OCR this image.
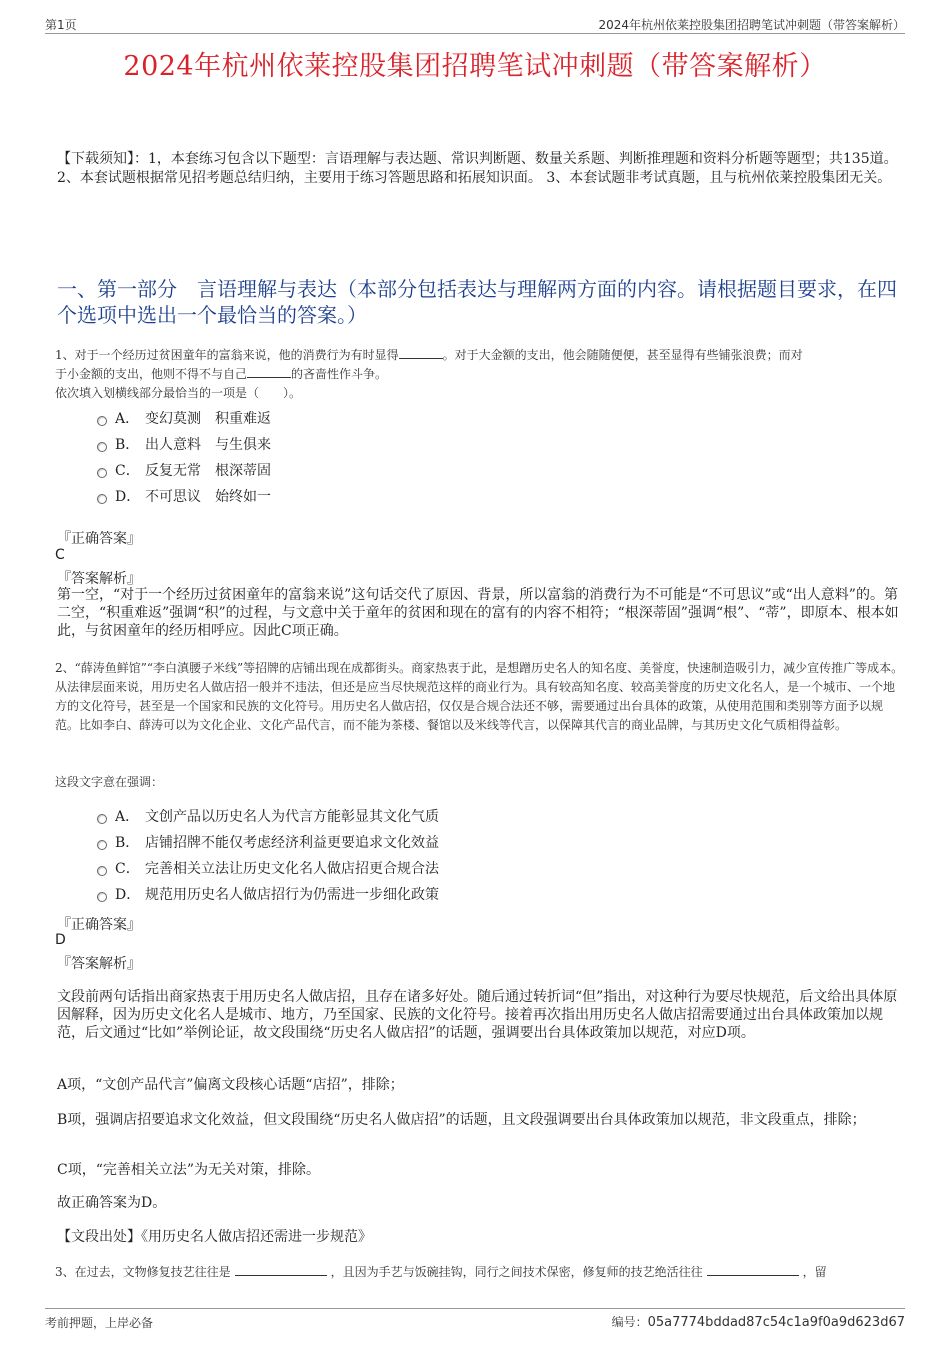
第1页	2024年杭州依莱控股集团招聘笔试冲刺题（带答案解析）
2024年杭州依莱控股集团招聘笔试冲刺题（带答案解析）
【下载须知】：1，本套练习包含以下题型：言语理解与表达题、常识判断题、数量关系题、判断推理题和资料分析题等题型；共135道。 2、本套试题根据常见招考题总结归纳，主要用于练习答题思路和拓展知识面。 3、本套试题非考试真题，且与杭州依莱控股集团无关。
一、第一部分　言语理解与表达（本部分包括表达与理解两方面的内容。请根据题目要求，在四个选项中选出一个最恰当的答案。）
1、对于一个经历过贫困童年的富翁来说，他的消费行为有时显得	。对于大金额的支出，他会随随便便，甚至显得有些铺张浪费；而对
于小金额的支出，他则不得不与自己	的吝啬性作斗争。
依次填入划横线部分最恰当的一项是（　　）。
A． 变幻莫测　积重难返
B． 出人意料　与生俱来
C． 反复无常　根深蒂固
D． 不可思议　始终如一
『正确答案』
C
『答案解析』
第一空，“对于一个经历过贫困童年的富翁来说”这句话交代了原因、背景，所以富翁的消费行为不可能是“不可思议”或“出人意料”的。第二空，“积重难返”强调“积”的过程，与文意中关于童年的贫困和现在的富有的内容不相符；“根深蒂固”强调“根”、“蒂”，即原本、根本如此，与贫困童年的经历相呼应。因此C项正确。
2、“薛涛鱼鲜馆”“李白滇腰子米线”等招牌的店铺出现在成都街头。商家热衷于此，是想蹭历史名人的知名度、美誉度，快速制造吸引力，减少宣传推广等成本。从法律层面来说，用历史名人做店招一般并不违法，但还是应当尽快规范这样的商业行为。具有较高知名度、较高美誉度的历史文化名人，是一个城市、一个地方的文化符号，甚至是一个国家和民族的文化符号。用历史名人做店招，仅仅是合规合法还不够，需要通过出台具体的政策，从使用范围和类别等方面予以规范。比如李白、薛涛可以为文化企业、文化产品代言，而不能为茶楼、餐馆以及米线等代言，以保障其代言的商业品牌，与其历史文化气质相得益彰。
这段文字意在强调：
A． 文创产品以历史名人为代言方能彰显其文化气质
B． 店铺招牌不能仅考虑经济利益更要追求文化效益
C． 完善相关立法让历史文化名人做店招更合规合法
D． 规范用历史名人做店招行为仍需进一步细化政策
『正确答案』
D
『答案解析』
文段前两句话指出商家热衷于用历史名人做店招，且存在诸多好处。随后通过转折词“但”指出，对这种行为要尽快规范，后文给出具体原因解释，因为历史文化名人是城市、地方，乃至国家、民族的文化符号。接着再次指出用历史名人做店招需要通过出台具体政策加以规范，后文通过“比如”举例论证，故文段围绕“历史名人做店招”的话题，强调要出台具体政策加以规范，对应D项。
A项，“文创产品代言”偏离文段核心话题“店招”，排除；
B项，强调店招要追求文化效益，但文段围绕“历史名人做店招”的话题，且文段强调要出台具体政策加以规范，非文段重点，排除；
C项，“完善相关立法”为无关对策，排除。
故正确答案为D。
【文段出处】《用历史名人做店招还需进一步规范》
3、在过去，文物修复技艺往往是	，且因为手艺与饭碗挂钩，同行之间技术保密，修复师的技艺绝活往往	，留
考前押题，上岸必备	编号：05a7774bddad87c54c1a9f0a9d623d67
